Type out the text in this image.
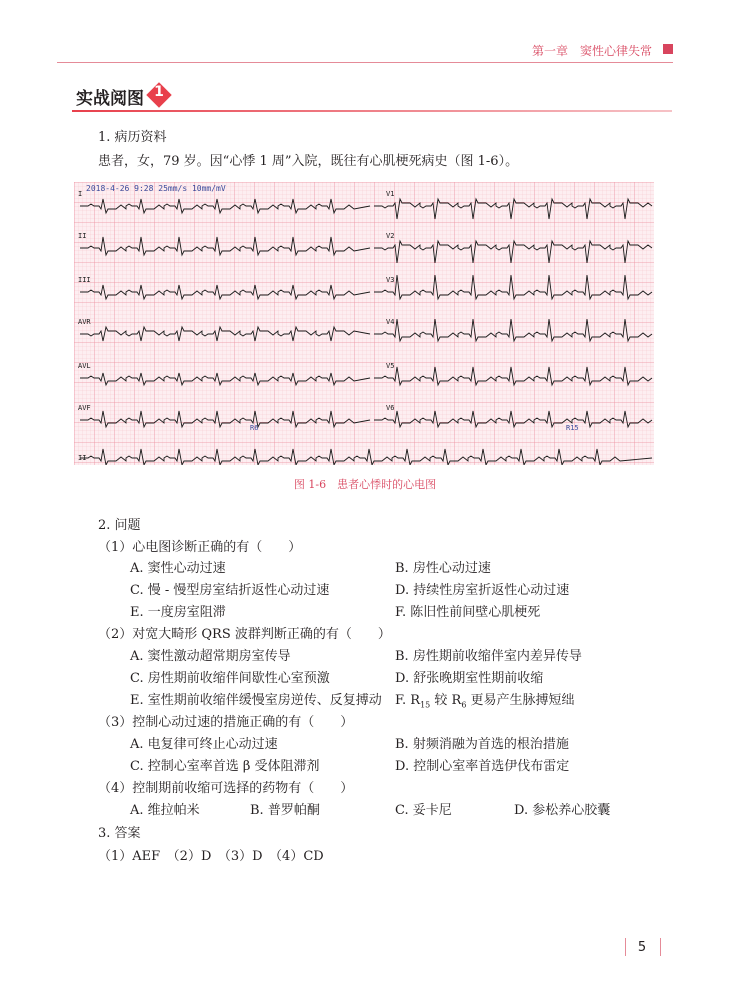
第一章 窦性心律失常
实战阅图 1
1. 病历资料
患者，女，79 岁。因“心悸 1 周”入院，既往有心肌梗死病史（图 1-6）。
I
II
III
AVR
AVL
AVF
V1
V2
V3
V4
V5
V6
II
R6	R15
2018-4-26 9:28 25mm/s 10mm/mV
图 1-6　患者心悸时的心电图
2. 问题
（1）心电图诊断正确的有（　　）
A. 窦性心动过速	B. 房性心动过速
C. 慢 - 慢型房室结折返性心动过速	D. 持续性房室折返性心动过速
E. 一度房室阻滞	F. 陈旧性前间壁心肌梗死
（2）对宽大畸形 QRS 波群判断正确的有（　　）
A. 窦性激动超常期房室传导	B. 房性期前收缩伴室内差异传导
C. 房性期前收缩伴间歇性心室预激	D. 舒张晚期室性期前收缩
E. 室性期前收缩伴缓慢室房逆传、反复搏动 F. $R_{15}$ 较 $R_6$ 更易产生脉搏短绌
（3）控制心动过速的措施正确的有（　　）
A. 电复律可终止心动过速	B. 射频消融为首选的根治措施
C. 控制心室率首选 β 受体阻滞剂	D. 控制心室率首选伊伐布雷定
（4）控制期前收缩可选择的药物有（　　）
A. 维拉帕米	B. 普罗帕酮	C. 妥卡尼	D. 参松养心胶囊
3. 答案
（1）AEF　（2）D　（3）D　（4）CD
5
